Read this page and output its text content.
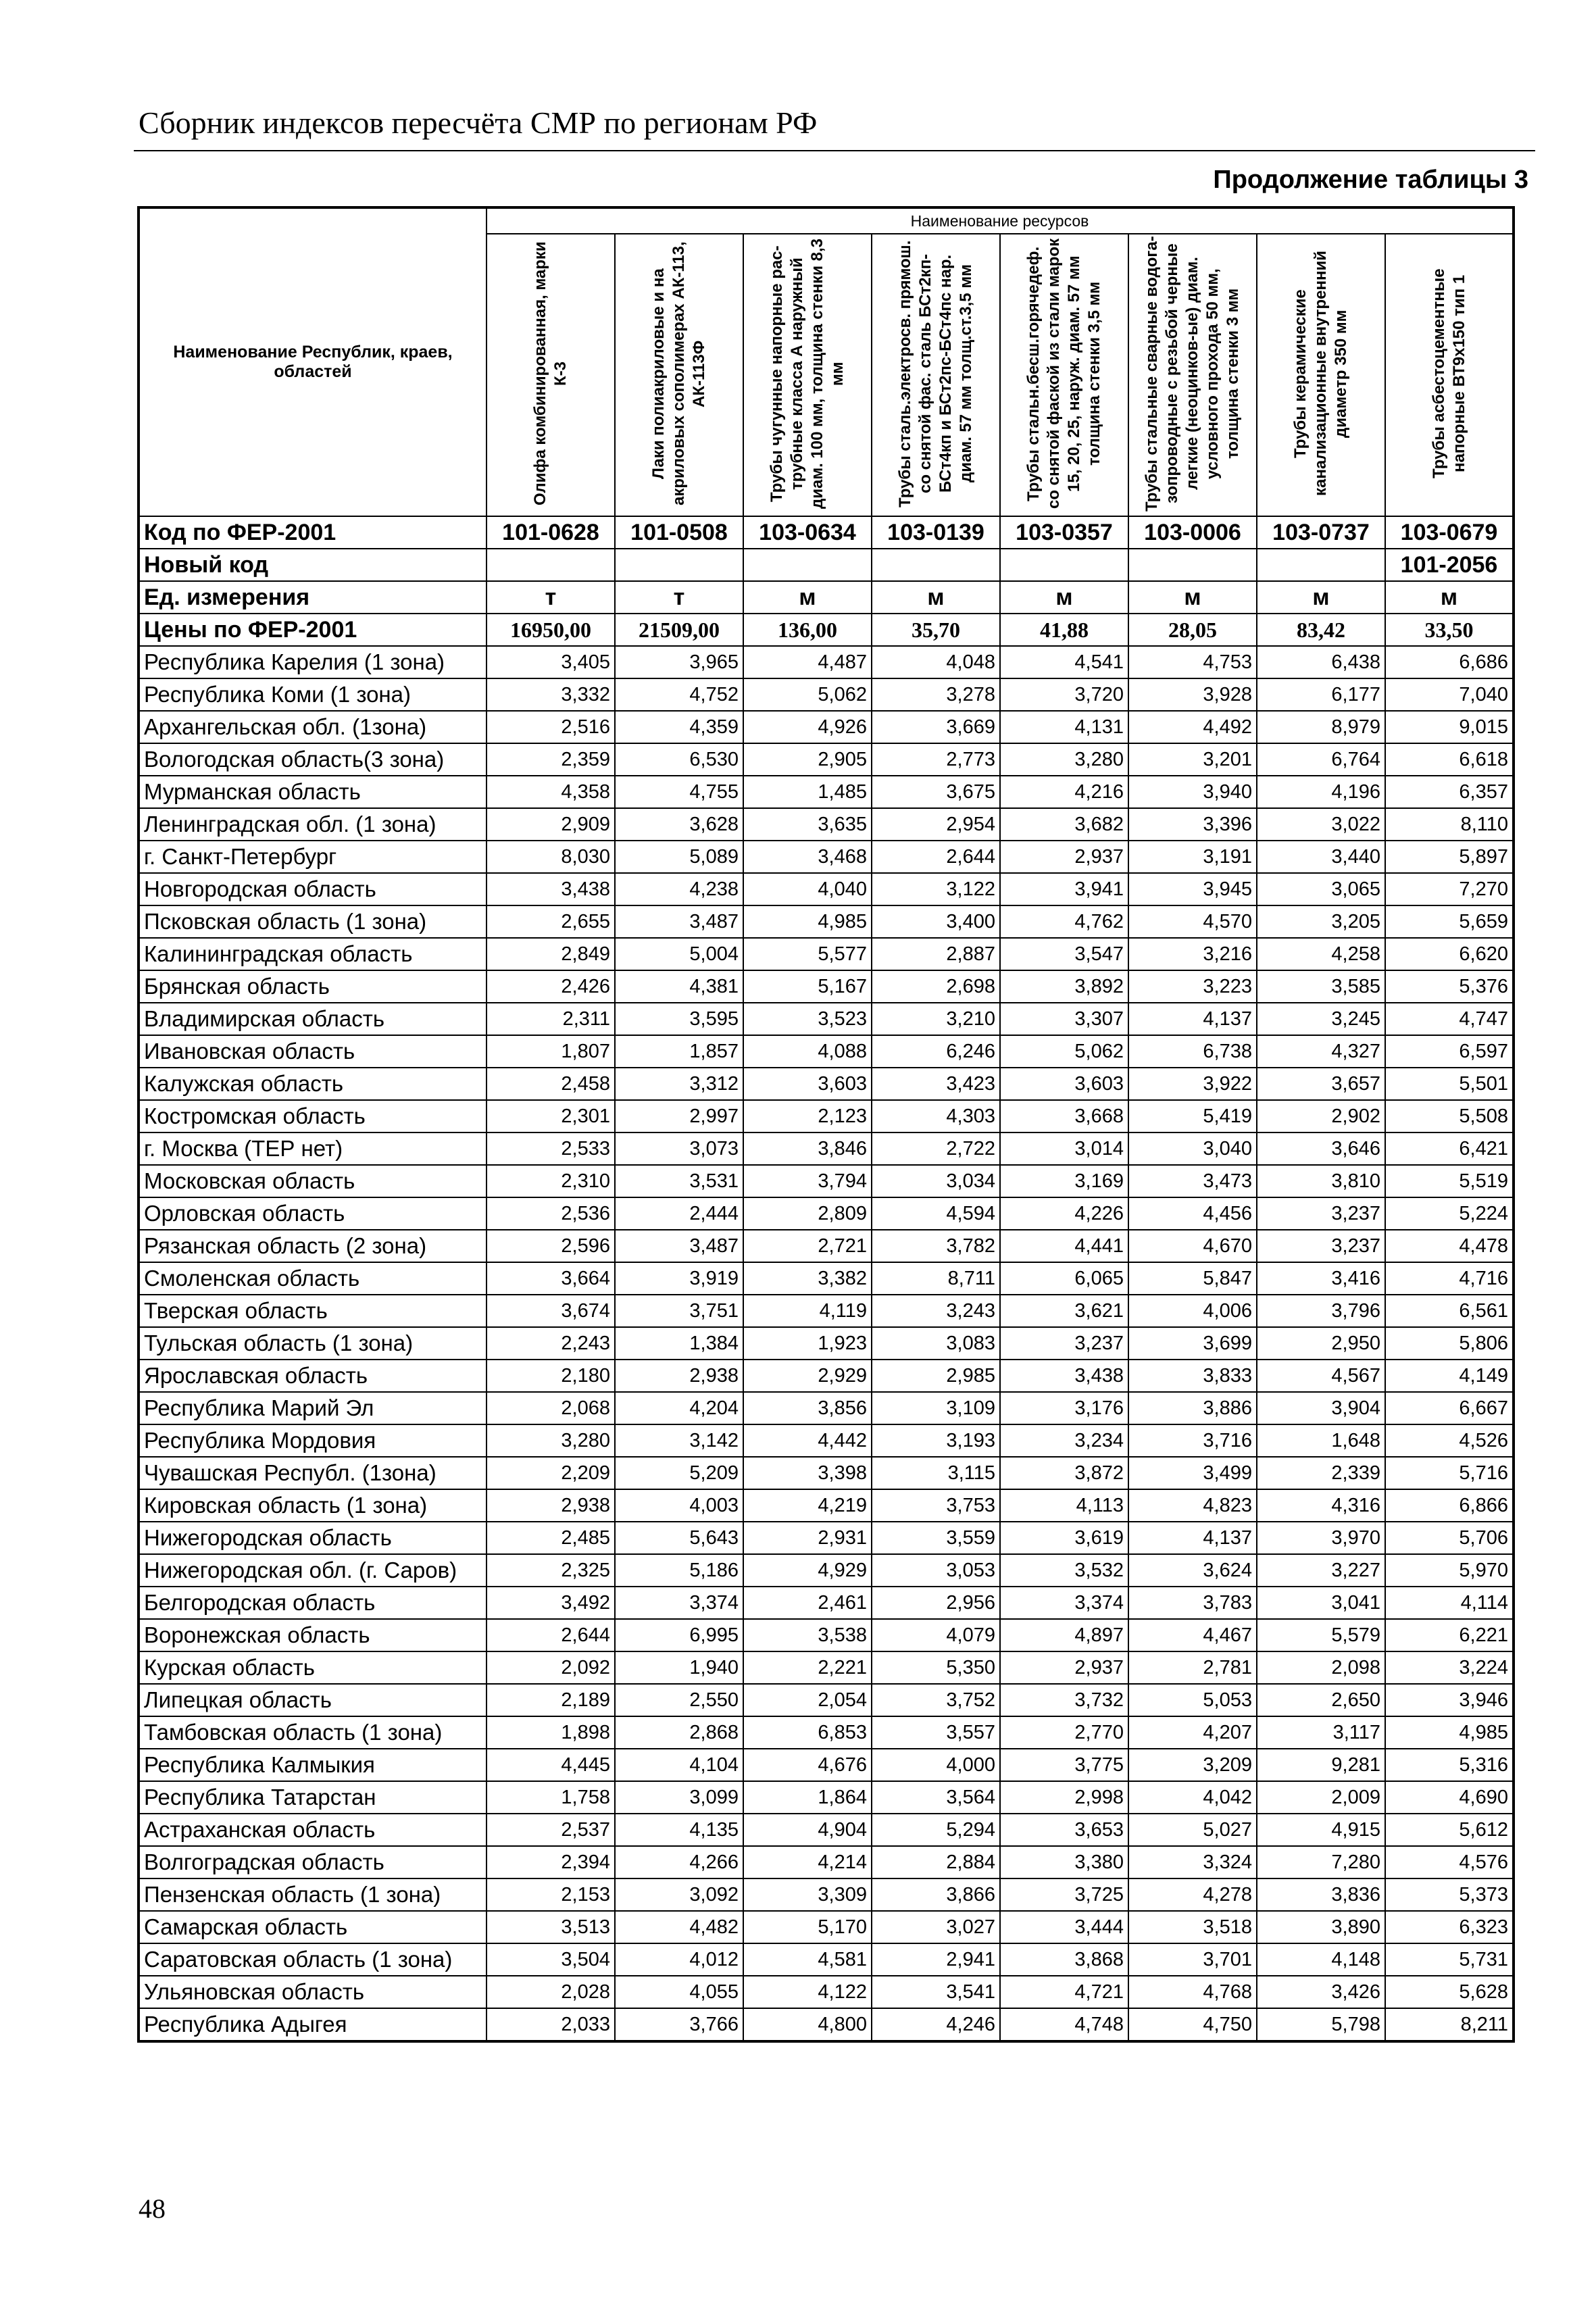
Сборник индексов пересчёта СМР по регионам РФ
Продолжение таблицы 3
Наименование Республик, краев, областей	Наименование ресурсов							
	Олифа комбинированная, марки К-3	Лаки полиакриловые и на акриловых сополимерах АК-113, АК-113Ф	Трубы чугунные напорные рас-трубные класса А наружный диам. 100 мм, толщина стенки 8,3 мм	Трубы сталь.электросв. прямош. со снятой фас. сталь БСт2кп-БСт4кп и БСт2пс-БСт4пс нар. диам. 57 мм толщ.ст.3,5 мм	Трубы стальн.бесш.горячедеф. со снятой фаской из стали марок 15, 20, 25, наруж. диам. 57 мм толщина стенки 3,5 мм	Трубы стальные сварные водога-зопроводные с резьбой черные легкие (неоцинков-ые) диам. условного прохода 50 мм, толщина стенки 3 мм	Трубы керамические канализационные внутренний диаметр 350 мм	Трубы асбестоцементные напорные ВТ9х150 тип 1
Код по ФЕР-2001	101-0628	101-0508	103-0634	103-0139	103-0357	103-0006	103-0737	103-0679
Новый код								101-2056
Ед. измерения	т	т	м	м	м	м	м	м
Цены по ФЕР-2001	16950,00	21509,00	136,00	35,70	41,88	28,05	83,42	33,50
Республика Карелия (1 зона)	3,405	3,965	4,487	4,048	4,541	4,753	6,438	6,686
Республика Коми (1 зона)	3,332	4,752	5,062	3,278	3,720	3,928	6,177	7,040
Архангельская обл. (1зона)	2,516	4,359	4,926	3,669	4,131	4,492	8,979	9,015
Вологодская область(3 зона)	2,359	6,530	2,905	2,773	3,280	3,201	6,764	6,618
Мурманская область	4,358	4,755	1,485	3,675	4,216	3,940	4,196	6,357
Ленинградская обл. (1 зона)	2,909	3,628	3,635	2,954	3,682	3,396	3,022	8,110
г. Санкт-Петербург	8,030	5,089	3,468	2,644	2,937	3,191	3,440	5,897
Новгородская область	3,438	4,238	4,040	3,122	3,941	3,945	3,065	7,270
Псковская область (1 зона)	2,655	3,487	4,985	3,400	4,762	4,570	3,205	5,659
Калининградская область	2,849	5,004	5,577	2,887	3,547	3,216	4,258	6,620
Брянская область	2,426	4,381	5,167	2,698	3,892	3,223	3,585	5,376
Владимирская область	2,311	3,595	3,523	3,210	3,307	4,137	3,245	4,747
Ивановская область	1,807	1,857	4,088	6,246	5,062	6,738	4,327	6,597
Калужская область	2,458	3,312	3,603	3,423	3,603	3,922	3,657	5,501
Костромская область	2,301	2,997	2,123	4,303	3,668	5,419	2,902	5,508
г. Москва (ТЕР нет)	2,533	3,073	3,846	2,722	3,014	3,040	3,646	6,421
Московская область	2,310	3,531	3,794	3,034	3,169	3,473	3,810	5,519
Орловская область	2,536	2,444	2,809	4,594	4,226	4,456	3,237	5,224
Рязанская область (2 зона)	2,596	3,487	2,721	3,782	4,441	4,670	3,237	4,478
Смоленская область	3,664	3,919	3,382	8,711	6,065	5,847	3,416	4,716
Тверская область	3,674	3,751	4,119	3,243	3,621	4,006	3,796	6,561
Тульская область (1 зона)	2,243	1,384	1,923	3,083	3,237	3,699	2,950	5,806
Ярославская область	2,180	2,938	2,929	2,985	3,438	3,833	4,567	4,149
Республика Марий Эл	2,068	4,204	3,856	3,109	3,176	3,886	3,904	6,667
Республика Мордовия	3,280	3,142	4,442	3,193	3,234	3,716	1,648	4,526
Чувашская Республ. (1зона)	2,209	5,209	3,398	3,115	3,872	3,499	2,339	5,716
Кировская область (1 зона)	2,938	4,003	4,219	3,753	4,113	4,823	4,316	6,866
Нижегородская область	2,485	5,643	2,931	3,559	3,619	4,137	3,970	5,706
Нижегородская обл. (г. Саров)	2,325	5,186	4,929	3,053	3,532	3,624	3,227	5,970
Белгородская область	3,492	3,374	2,461	2,956	3,374	3,783	3,041	4,114
Воронежская область	2,644	6,995	3,538	4,079	4,897	4,467	5,579	6,221
Курская область	2,092	1,940	2,221	5,350	2,937	2,781	2,098	3,224
Липецкая область	2,189	2,550	2,054	3,752	3,732	5,053	2,650	3,946
Тамбовская область (1 зона)	1,898	2,868	6,853	3,557	2,770	4,207	3,117	4,985
Республика Калмыкия	4,445	4,104	4,676	4,000	3,775	3,209	9,281	5,316
Республика Татарстан	1,758	3,099	1,864	3,564	2,998	4,042	2,009	4,690
Астраханская область	2,537	4,135	4,904	5,294	3,653	5,027	4,915	5,612
Волгоградская область	2,394	4,266	4,214	2,884	3,380	3,324	7,280	4,576
Пензенская область (1 зона)	2,153	3,092	3,309	3,866	3,725	4,278	3,836	5,373
Самарская область	3,513	4,482	5,170	3,027	3,444	3,518	3,890	6,323
Саратовская область (1 зона)	3,504	4,012	4,581	2,941	3,868	3,701	4,148	5,731
Ульяновская область	2,028	4,055	4,122	3,541	4,721	4,768	3,426	5,628
Республика Адыгея	2,033	3,766	4,800	4,246	4,748	4,750	5,798	8,211
48
